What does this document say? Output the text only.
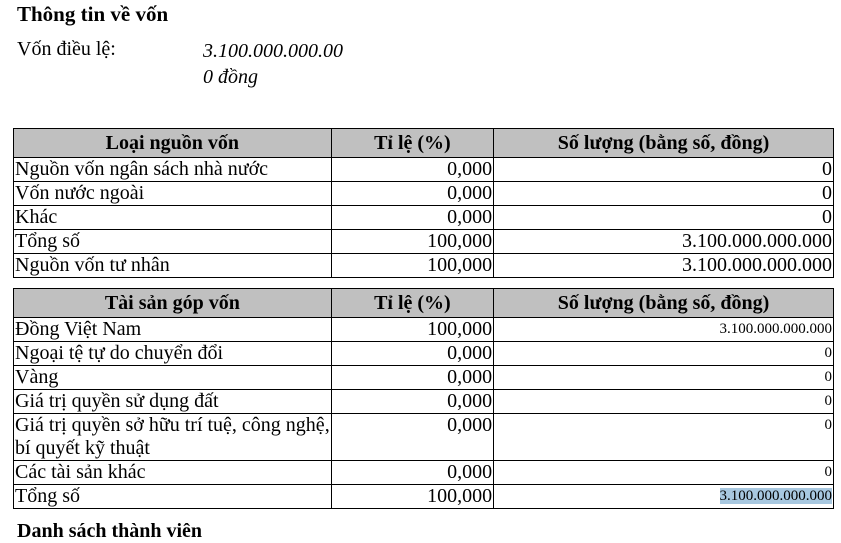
Thông tin về vốn
Vốn điều lệ:	3.100.000.000.00
0 đồng
Loại nguồn vốn	Tỉ lệ (%)	Số lượng (bằng số, đồng)
Nguồn vốn ngân sách nhà nước	0,000	0
Vốn nước ngoài	0,000	0
Khác	0,000	0
Tổng số	100,000	3.100.000.000.000
Nguồn vốn tư nhân	100,000	3.100.000.000.000
Tài sản góp vốn	Tỉ lệ (%)	Số lượng (bằng số, đồng)
Đồng Việt Nam	100,000	3.100.000.000.000
Ngoại tệ tự do chuyển đổi	0,000	0
Vàng	0,000	0
Giá trị quyền sử dụng đất	0,000	0
Giá trị quyền sở hữu trí tuệ, công nghệ, bí quyết kỹ thuật	0,000	0
Các tài sản khác	0,000	0
Tổng số	100,000	3.100.000.000.000
Danh sách thành viên
